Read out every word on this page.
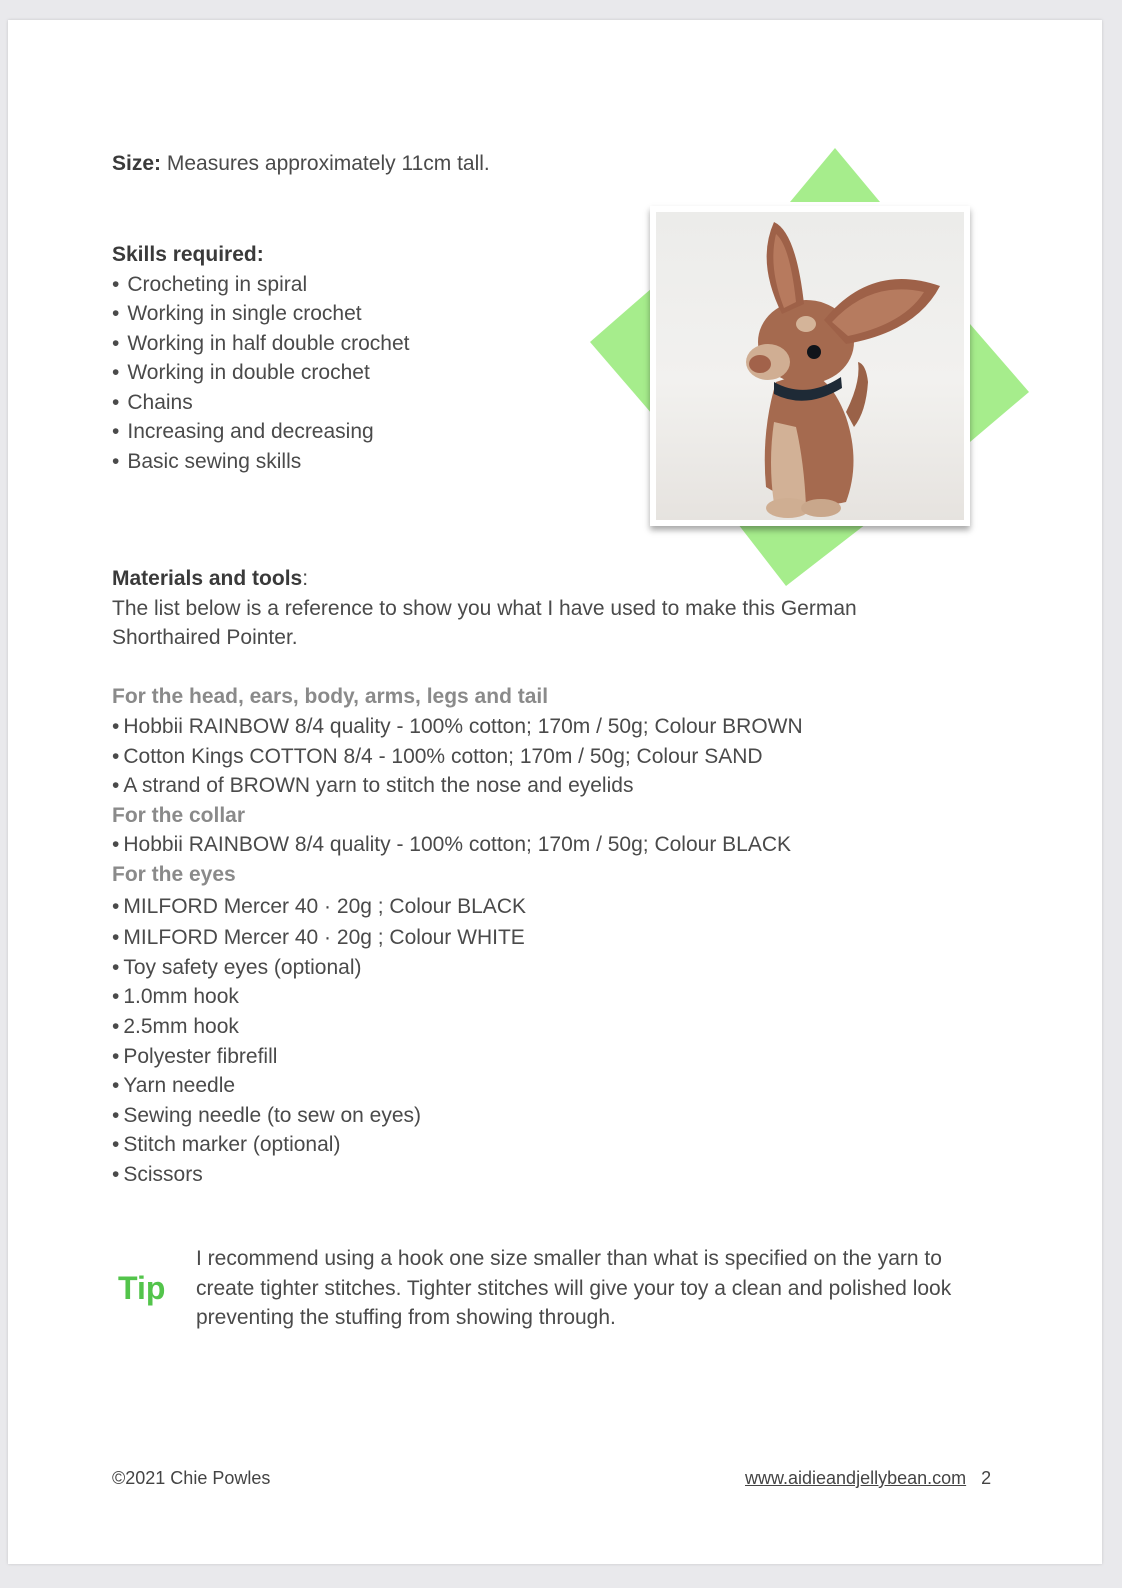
Size: Measures approximately 11cm tall.
Skills required:
• Crocheting in spiral
• Working in single crochet
• Working in half double crochet
• Working in double crochet
• Chains
• Increasing and decreasing
• Basic sewing skills

Materials and tools:

The list below is a reference to show you what I have used to make this German Shorthaired Pointer.

For the head, ears, body, arms, legs and tail

• Hobbii RAINBOW 8/4 quality - 100% cotton; 170m / 50g; Colour BROWN
• Cotton Kings COTTON 8/4 - 100% cotton; 170m / 50g; Colour SAND
• A strand of BROWN yarn to stitch the nose and eyelids

For the collar

• Hobbii RAINBOW 8/4 quality - 100% cotton; 170m / 50g; Colour BLACK

For the eyes

• MILFORD Mercer 40 · 20g ; Colour BLACK
• MILFORD Mercer 40 · 20g ; Colour WHITE
• Toy safety eyes (optional)
• 1.0mm hook
• 2.5mm hook
• Polyester fibrefill
• Yarn needle
• Sewing needle (to sew on eyes)
• Stitch marker (optional)
• Scissors
Tip
I recommend using a hook one size smaller than what is specified on the yarn to create tighter stitches. Tighter stitches will give your toy a clean and polished look preventing the stuffing from showing through.
©2021 Chie Powles	www.aidieandjellybean.com 2
